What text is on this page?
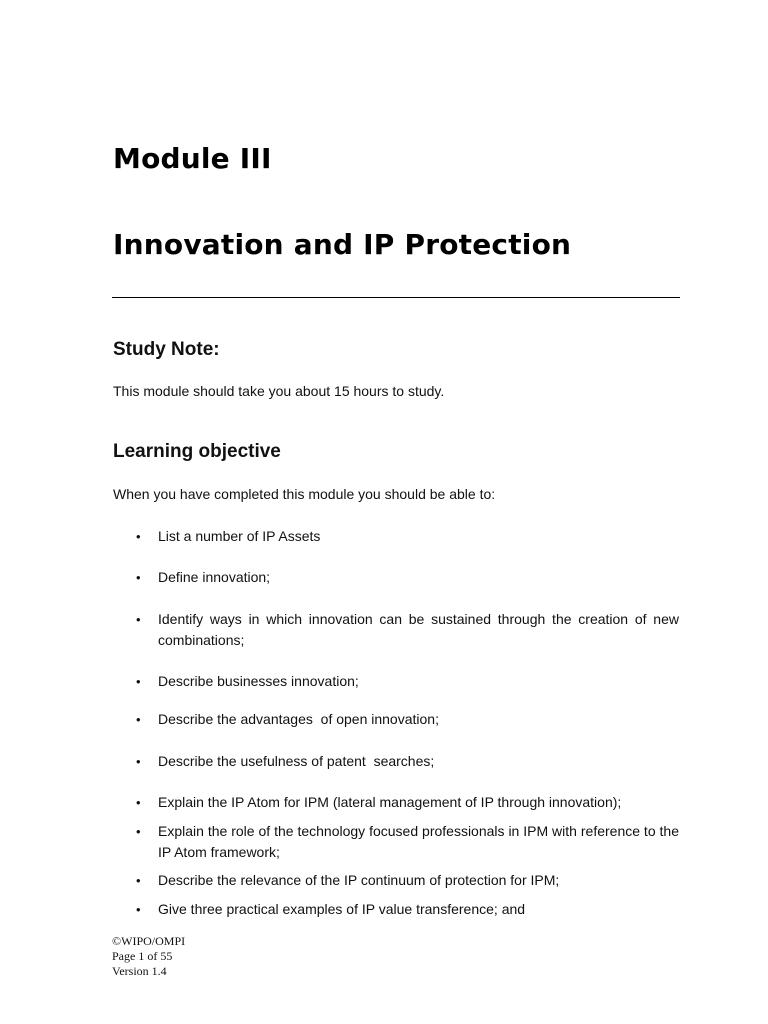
Module III
Innovation and IP Protection
Study Note:

This module should take you about 15 hours to study.

Learning objective

When you have completed this module you should be able to:

• List a number of IP Assets
• Define innovation;
• Identify ways in which innovation can be sustained through the creation of new combinations;
• Describe businesses innovation;
• Describe the advantages  of open innovation;
• Describe the usefulness of patent  searches;
• Explain the IP Atom for IPM (lateral management of IP through innovation);
• Explain the role of the technology focused professionals in IPM with reference to the IP Atom framework;
• Describe the relevance of the IP continuum of protection for IPM;
• Give three practical examples of IP value transference; and
©WIPO/OMPI
Page 1 of 55
Version 1.4
